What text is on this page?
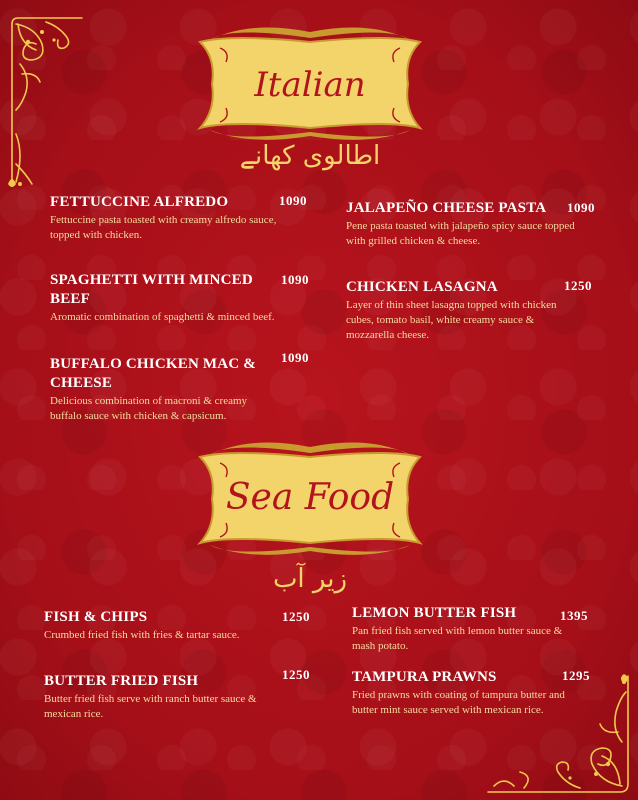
Italian
اطالوی کھانے
FETTUCCINE ALFREDO
Fettuccine pasta toasted with creamy alfredo sauce, topped with chicken.
1090
SPAGHETTI WITH MINCED BEEF
Aromatic combination of spaghetti & minced beef.
1090
BUFFALO CHICKEN MAC & CHEESE
Delicious combination of macroni & creamy buffalo sauce with chicken & capsicum.
1090
JALAPEÑO CHEESE PASTA
Pene pasta toasted with jalapeño spicy sauce topped with grilled chicken & cheese.
1090
CHICKEN LASAGNA
Layer of thin sheet lasagna topped with chicken cubes, tomato basil, white creamy sauce & mozzarella cheese.
1250
Sea Food
زیر آب
FISH & CHIPS
Crumbed fried fish with fries & tartar sauce.
1250
BUTTER FRIED FISH
Butter fried fish serve with ranch butter sauce & mexican rice.
1250
LEMON BUTTER FISH
Pan fried fish served with lemon butter sauce & mash potato.
1395
TAMPURA PRAWNS
Fried prawns with coating of tampura butter and butter mint sauce served with mexican rice.
1295
